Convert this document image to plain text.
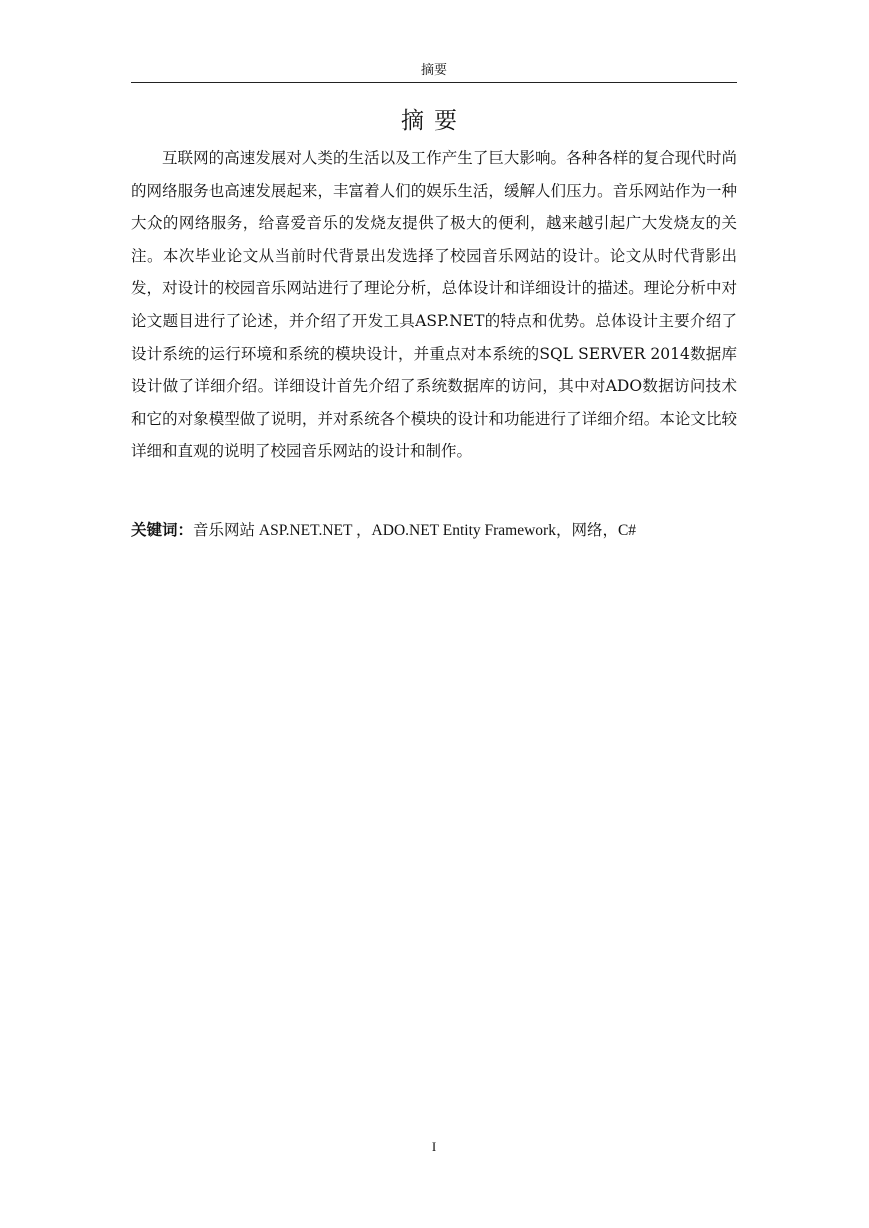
摘要
摘要

互联网的高速发展对人类的生活以及工作产生了巨大影响。各种各样的复合现代时尚的网络服务也高速发展起来，丰富着人们的娱乐生活，缓解人们压力。音乐网站作为一种大众的网络服务，给喜爱音乐的发烧友提供了极大的便利，越来越引起广大发烧友的关注。本次毕业论文从当前时代背景出发选择了校园音乐网站的设计。论文从时代背影出发，对设计的校园音乐网站进行了理论分析，总体设计和详细设计的描述。理论分析中对论文题目进行了论述，并介绍了开发工具ASP.NET的特点和优势。总体设计主要介绍了设计系统的运行环境和系统的模块设计，并重点对本系统的SQL SERVER 2014数据库设计做了详细介绍。详细设计首先介绍了系统数据库的访问，其中对ADO数据访问技术和它的对象模型做了说明，并对系统各个模块的设计和功能进行了详细介绍。本论文比较详细和直观的说明了校园音乐网站的设计和制作。

关键词：音乐网站 ASP.NET.NET ，ADO.NET Entity Framework，网络，C#
I
